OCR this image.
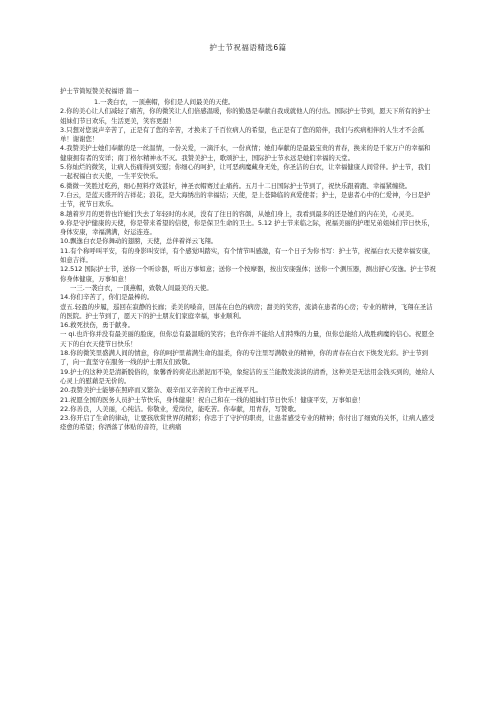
护士节祝福语精选6篇
护士节简短赞美祝福语 篇一

1.一袭白衣，一顶燕帽，你们是人间最美的天使。

2.你的美心让人们减轻了痛苦，你的微笑让人们倍感温暖，你的勤恳是奉献自我成就他人的付出。国际护士节到，愿天下所有的护士姐妹们节日欢乐，生活更美，笑容更甜！

3.只想对您说声辛苦了，正是有了您的辛苦，才换来了千百位病人的希望，也正是有了您的陪伴，我们与疾病相伴的人生才不会孤单！谢谢您！

4.我赞美护士她们奉献的是一丝温情，一份关爱，一滴汗水，一份真情；她们奉献的是最最宝贵的青春，换来的是千家万户的幸福和健康拥有者的安详；南丁格尔精神永不灭。我赞美护士，歌颂护士，国际护士节永远是她们幸福的天堂。

5.你灿烂的微笑，让病人伤痛得到安慰；你细心的呵护，让可恶病魔藏身无处，你圣洁的白衣，让幸福健康人间常伴。护士节，我们一起祝福白衣天使，一生平安快乐。

6.微微一笑胜过吃药，细心照料疗效甚好，神圣衣帽赛过止痛药。五月十二日国际护士节到了，祝快乐跟着跑、幸福紧缠绕。

7.白云，是蓝天盛开的吉祥花；浪花，是大海绣出的幸福结；天使，是上苍降临的真爱使者；护士，是患者心中的仁爱神，今日是护士节，祝节日欢乐。

8.趟着岁月的更替也许她们失去了年轻时的水灵，没有了往日的容颜，从她们身上，我看到最多的还是她们的内在美，心灵美。

9.你是守护健康的天使，你是带来希望的信使，你是保卫生命的卫士。5.12 护士节来临之际，祝福美丽的护理兄弟姐妹们节日快乐，身体安康，幸福满满，好运连连。

10.飘逸白衣是你舞动的翅膀，天使，总伴着祥云飞翔。

11.有个称呼叫平安，有的身影叫安详，有个感觉叫踏实，有个情节叫感激，有一个日子为你书写：护士节，祝福白衣天使幸福安康，如意吉祥。

12.512 国际护士节，送你一个听诊器，听出万事如意；送你一个按摩器，按出安康强体；送你一个测压器，测出舒心安逸。护士节祝你身体健康，万事如意！

一三.一袭白衣，一顶燕帽，致敬人间最美的天使。

14.你们辛苦了，你们是最棒的。

壹五.轻盈的步履，巡回在寂静的长廊；柔美的嗓音，回荡在白色的病房；甜美的笑容，流淌在患者的心房；专业的精神，飞翔在圣洁的医院。护士节到了，愿天下的护士朋友们家庭幸福，事业顺利。

16.救死扶伤，勇于献身。

一 qi.也许你并没有最美丽的脸庞，但你总有最温暖的笑容；也许你并不能给人们特殊的力量，但你总能给人战胜病魔的信心。祝愿全天下的白衣天使节日快乐！

18.你的微笑里盛满人间的情意，你的呵护里蓄满生命的温柔，你的专注里写满敬业的精神，你的青春在白衣下焕发光彩。护士节到了，向一直坚守在服务一线的护士朋友们致敬。

19.护士的这种美是清新脱俗的，象馨香的荷花出淤泥而不染，象绽洁的玉兰能散发淡淡的清香，这种美是无法用金钱买到的，她给人心灵上的慰藉是无价的。

20.我赞美护士能够在照碎而又繁杂、艰辛而又辛苦的工作中正视平凡。

21.祝愿全国的医务人员护士节快乐，身体健康！祝自己和在一线的姐妹们节日快乐！健康平安，万事如意！

22.你善良，人美丽，心纯洁。你敬业，爱岗位，能吃苦。你奉献，用青春，写赞歌。

23.你开启了生命的律动，让要孩欣赏世界的精彩；你忠于了守护的职责，让患者感受专业的精神；你付出了细致的关怀，让病人感受痊愈的希望；你洒落了体贴的音符，让病痛
